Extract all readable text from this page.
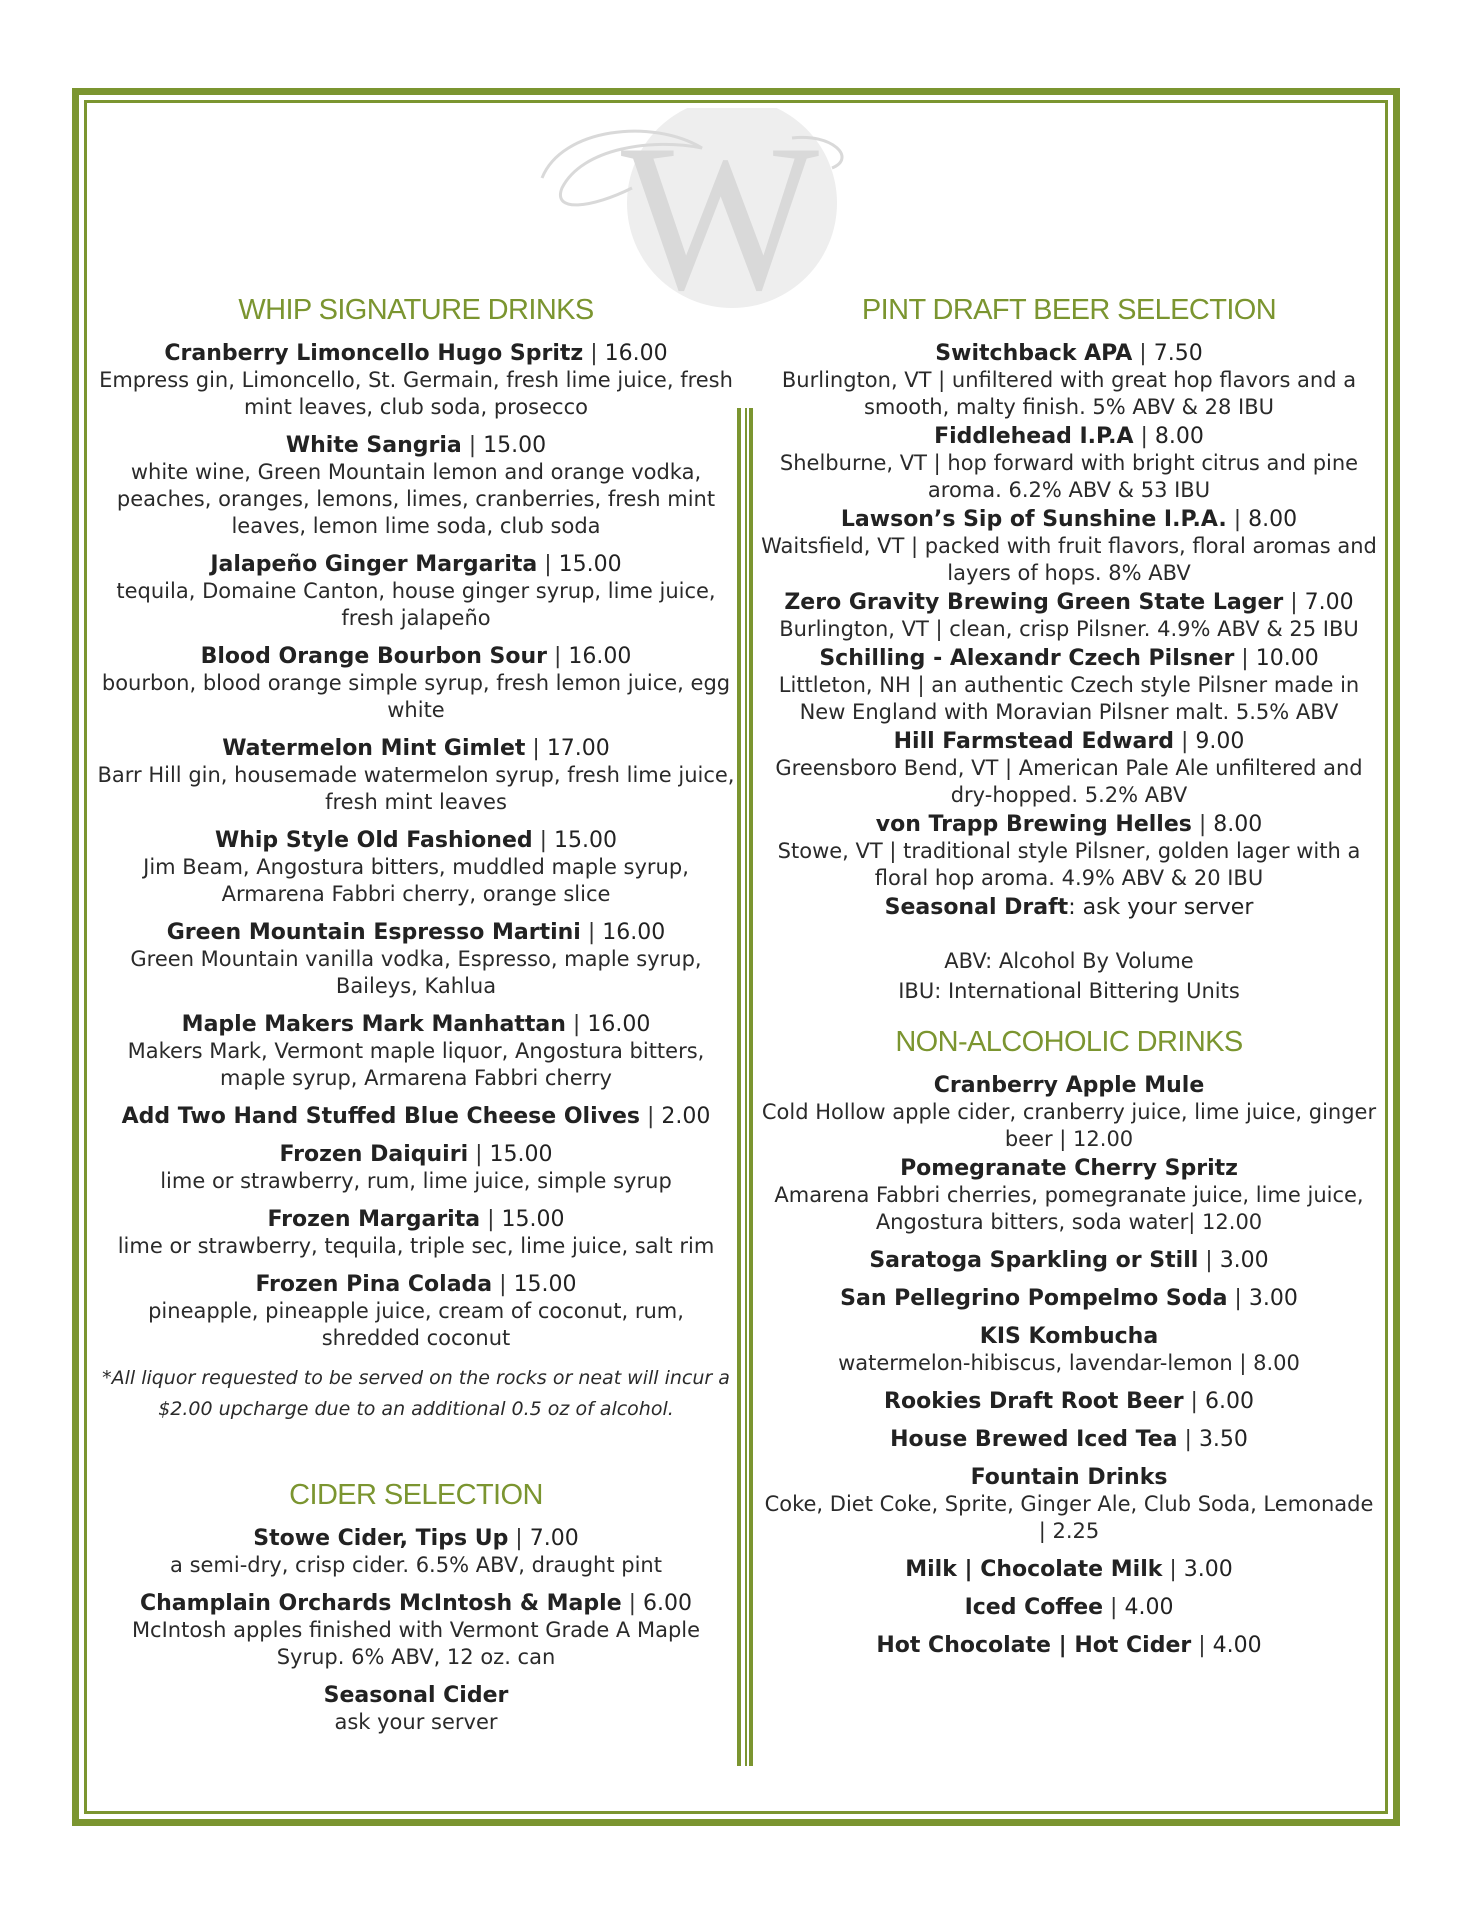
W
WHIP SIGNATURE DRINKS
Cranberry Limoncello Hugo Spritz | 16.00
Empress gin, Limoncello, St. Germain, fresh lime juice, fresh mint leaves, club soda, prosecco
White Sangria | 15.00
white wine, Green Mountain lemon and orange vodka, peaches, oranges, lemons, limes, cranberries, fresh mint leaves, lemon lime soda, club soda
Jalapeño Ginger Margarita | 15.00
tequila, Domaine Canton, house ginger syrup, lime juice, fresh jalapeño
Blood Orange Bourbon Sour | 16.00
bourbon, blood orange simple syrup, fresh lemon juice, egg white
Watermelon Mint Gimlet | 17.00
Barr Hill gin, housemade watermelon syrup, fresh lime juice, fresh mint leaves
Whip Style Old Fashioned | 15.00
Jim Beam, Angostura bitters, muddled maple syrup, Armarena Fabbri cherry, orange slice
Green Mountain Espresso Martini | 16.00
Green Mountain vanilla vodka, Espresso, maple syrup, Baileys, Kahlua
Maple Makers Mark Manhattan | 16.00
Makers Mark, Vermont maple liquor, Angostura bitters, maple syrup, Armarena Fabbri cherry
Add Two Hand Stuffed Blue Cheese Olives | 2.00
Frozen Daiquiri | 15.00
lime or strawberry, rum, lime juice, simple syrup
Frozen Margarita | 15.00
lime or strawberry, tequila, triple sec, lime juice, salt rim
Frozen Pina Colada | 15.00
pineapple, pineapple juice, cream of coconut, rum, shredded coconut
*All liquor requested to be served on the rocks or neat will incur a $2.00 upcharge due to an additional 0.5 oz of alcohol.
CIDER SELECTION
Stowe Cider, Tips Up | 7.00
a semi-dry, crisp cider. 6.5% ABV, draught pint
Champlain Orchards McIntosh & Maple | 6.00
McIntosh apples finished with Vermont Grade A Maple Syrup. 6% ABV, 12 oz. can
Seasonal Cider
ask your server
PINT DRAFT BEER SELECTION
Switchback APA | 7.50
Burlington, VT | unfiltered with great hop flavors and a smooth, malty finish. 5% ABV & 28 IBU
Fiddlehead I.P.A | 8.00
Shelburne, VT | hop forward with bright citrus and pine aroma. 6.2% ABV & 53 IBU
Lawson’s Sip of Sunshine I.P.A. | 8.00
Waitsfield, VT | packed with fruit flavors, floral aromas and layers of hops. 8% ABV
Zero Gravity Brewing Green State Lager | 7.00
Burlington, VT | clean, crisp Pilsner. 4.9% ABV & 25 IBU
Schilling - Alexandr Czech Pilsner | 10.00
Littleton, NH | an authentic Czech style Pilsner made in New England with Moravian Pilsner malt. 5.5% ABV
Hill Farmstead Edward | 9.00
Greensboro Bend, VT | American Pale Ale unfiltered and dry-hopped. 5.2% ABV
von Trapp Brewing Helles | 8.00
Stowe, VT | traditional style Pilsner, golden lager with a floral hop aroma. 4.9% ABV & 20 IBU
Seasonal Draft: ask your server
ABV: Alcohol By Volume
IBU: International Bittering Units
NON-ALCOHOLIC DRINKS
Cranberry Apple Mule
Cold Hollow apple cider, cranberry juice, lime juice, ginger beer | 12.00
Pomegranate Cherry Spritz
Amarena Fabbri cherries, pomegranate juice, lime juice, Angostura bitters, soda water| 12.00
Saratoga Sparkling or Still | 3.00
San Pellegrino Pompelmo Soda | 3.00
KIS Kombucha
watermelon-hibiscus, lavendar-lemon | 8.00
Rookies Draft Root Beer | 6.00
House Brewed Iced Tea | 3.50
Fountain Drinks
Coke, Diet Coke, Sprite, Ginger Ale, Club Soda, Lemonade | 2.25
Milk | Chocolate Milk | 3.00
Iced Coffee | 4.00
Hot Chocolate | Hot Cider | 4.00
